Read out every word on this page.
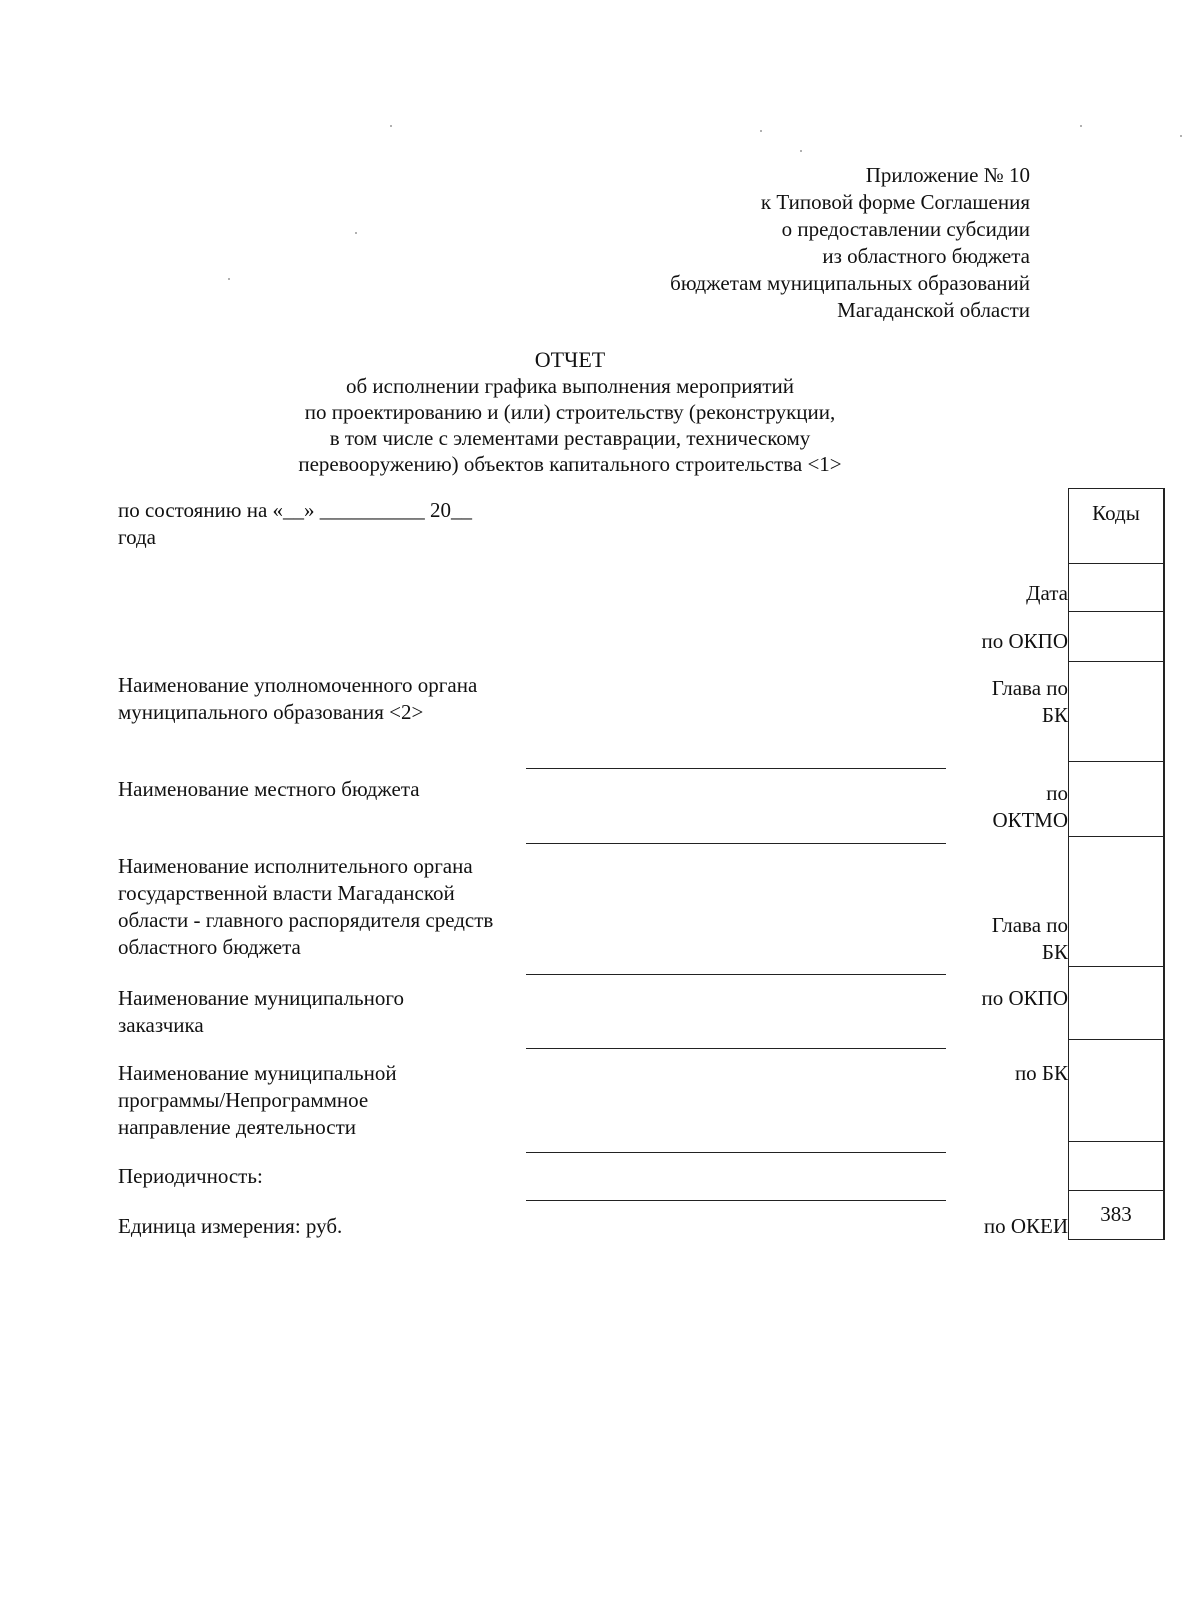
Приложение № 10
к Типовой форме Соглашения
о предоставлении субсидии
из областного бюджета
бюджетам муниципальных образований
Магаданской области
ОТЧЕТ
об исполнении графика выполнения мероприятий
по проектированию и (или) строительству (реконструкции,
в том числе с элементами реставрации, техническому
перевооружению) объектов капитального строительства <1>
по состоянию на «__» __________ 20__
года
Наименование уполномоченного органа муниципального образования <2>
Наименование местного бюджета
Наименование исполнительного органа государственной власти Магаданской области - главного распорядителя средств областного бюджета
Наименование муниципального заказчика
Наименование муниципальной программы/Непрограммное направление деятельности
Периодичность:
Единица измерения: руб.
Дата
по ОКПО
Глава по
БК
по
ОКТМО
Глава по
БК
по ОКПО
по БК
по ОКЕИ
Коды
383
